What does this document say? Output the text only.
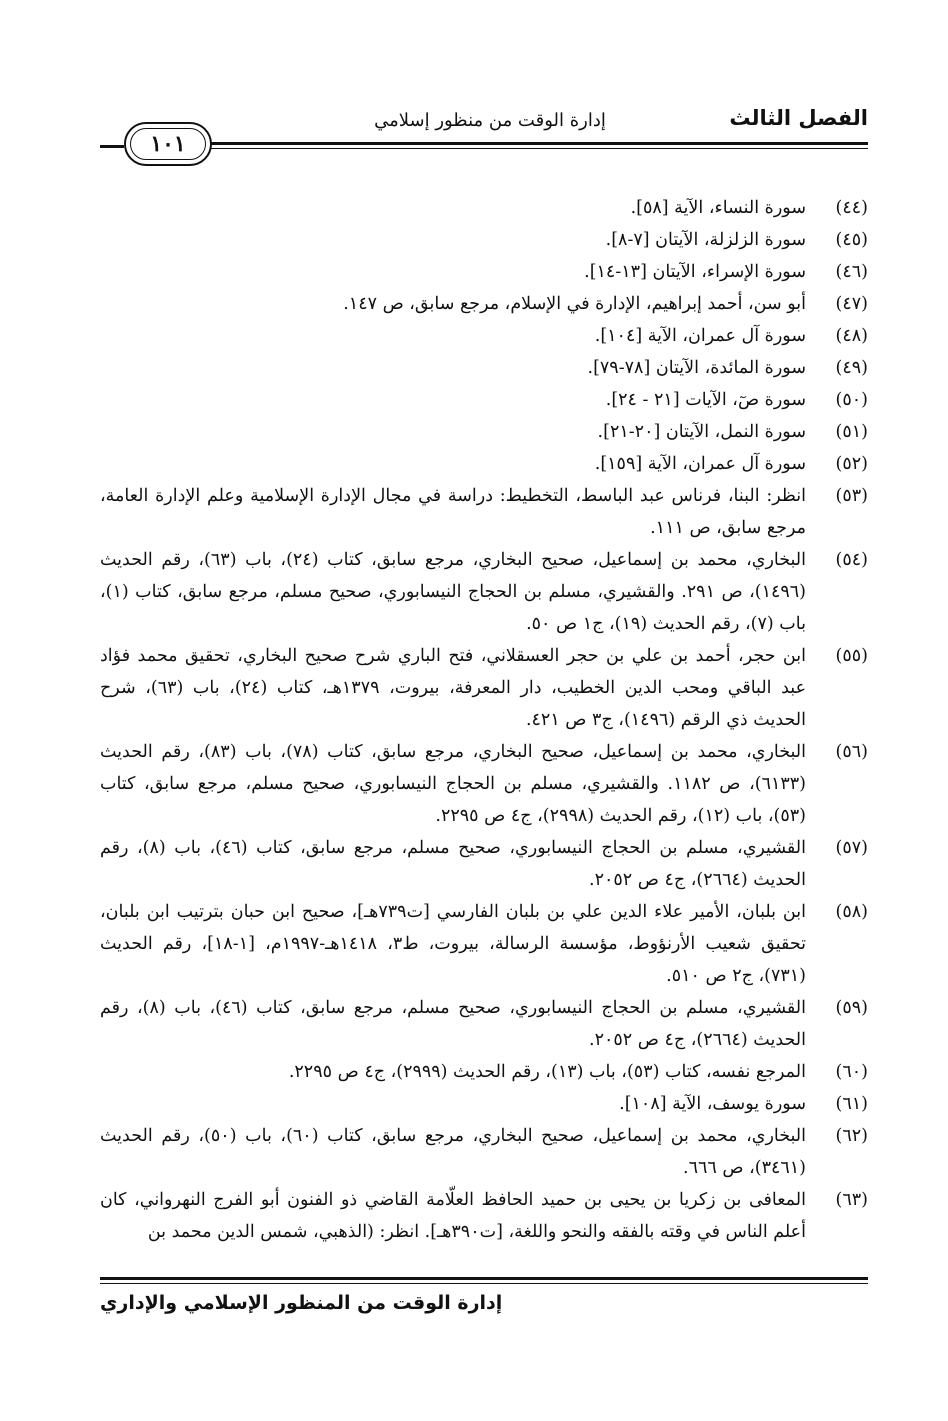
الفصل الثالث
إدارة الوقت من منظور إسلامي
١٠١
(٤٤)
سورة النساء، الآية [٥٨].
(٤٥)
سورة الزلزلة، الآيتان [٧-٨].
(٤٦)
سورة الإسراء، الآيتان [١٣-١٤].
(٤٧)
أبو سن، أحمد إبراهيم، الإدارة في الإسلام، مرجع سابق، ص ١٤٧.
(٤٨)
سورة آل عمران، الآية [١٠٤].
(٤٩)
سورة المائدة، الآيتان [٧٨-٧٩].
(٥٠)
سورة صٓ، الآيات [٢١ - ٢٤].
(٥١)
سورة النمل، الآيتان [٢٠-٢١].
(٥٢)
سورة آل عمران، الآية [١٥٩].
(٥٣)
انظر: البنا، فرناس عبد الباسط، التخطيط: دراسة في مجال الإدارة الإسلامية وعلم الإدارة العامة، مرجع سابق، ص ١١١.
(٥٤)
البخاري، محمد بن إسماعيل، صحيح البخاري، مرجع سابق، كتاب (٢٤)، باب (٦٣)، رقم الحديث (١٤٩٦)، ص ٢٩١. والقشيري، مسلم بن الحجاج النيسابوري، صحيح مسلم، مرجع سابق، كتاب (١)، باب (٧)، رقم الحديث (١٩)، ج١ ص ٥٠.
(٥٥)
ابن حجر، أحمد بن علي بن حجر العسقلاني، فتح الباري شرح صحيح البخاري، تحقيق محمد فؤاد عبد الباقي ومحب الدين الخطيب، دار المعرفة، بيروت، ١٣٧٩هـ، كتاب (٢٤)، باب (٦٣)، شرح الحديث ذي الرقم (١٤٩٦)، ج٣ ص ٤٢١.
(٥٦)
البخاري، محمد بن إسماعيل، صحيح البخاري، مرجع سابق، كتاب (٧٨)، باب (٨٣)، رقم الحديث (٦١٣٣)، ص ١١٨٢. والقشيري، مسلم بن الحجاج النيسابوري، صحيح مسلم، مرجع سابق، كتاب (٥٣)، باب (١٢)، رقم الحديث (٢٩٩٨)، ج٤ ص ٢٢٩٥.
(٥٧)
القشيري، مسلم بن الحجاج النيسابوري، صحيح مسلم، مرجع سابق، كتاب (٤٦)، باب (٨)، رقم الحديث (٢٦٦٤)، ج٤ ص ٢٠٥٢.
(٥٨)
ابن بلبان، الأمير علاء الدين علي بن بلبان الفارسي [ت٧٣٩هـ]، صحيح ابن حبان بترتيب ابن بلبان، تحقيق شعيب الأرنؤوط، مؤسسة الرسالة، بيروت، ط٣، ١٤١٨هـ-١٩٩٧م، [١-١٨]، رقم الحديث (٧٣١)، ج٢ ص ٥١٠.
(٥٩)
القشيري، مسلم بن الحجاج النيسابوري، صحيح مسلم، مرجع سابق، كتاب (٤٦)، باب (٨)، رقم الحديث (٢٦٦٤)، ج٤ ص ٢٠٥٢.
(٦٠)
المرجع نفسه، كتاب (٥٣)، باب (١٣)، رقم الحديث (٢٩٩٩)، ج٤ ص ٢٢٩٥.
(٦١)
سورة يوسف، الآية [١٠٨].
(٦٢)
البخاري، محمد بن إسماعيل، صحيح البخاري، مرجع سابق، كتاب (٦٠)، باب (٥٠)، رقم الحديث (٣٤٦١)، ص ٦٦٦.
(٦٣)
المعافى بن زكريا بن يحيى بن حميد الحافظ العلّامة القاضي ذو الفنون أبو الفرج النهرواني، كان أعلم الناس في وقته بالفقه والنحو واللغة، [ت٣٩٠هـ]. انظر: (الذهبي، شمس الدين محمد بن
إدارة الوقت من المنظور الإسلامي والإداري
